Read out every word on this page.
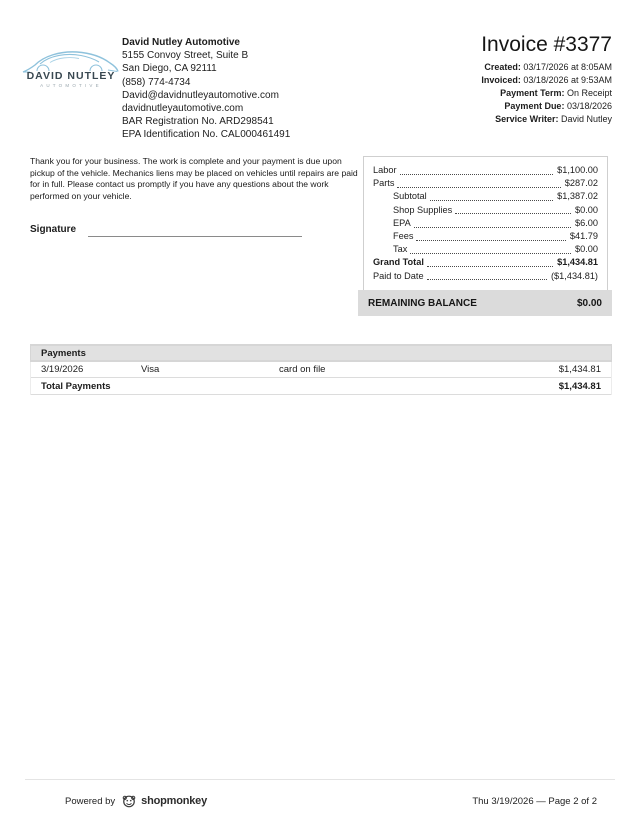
DAVID NUTLEY
AUTOMOTIVE
David Nutley Automotive
5155 Convoy Street, Suite B
San Diego, CA 92111
(858) 774-4734
David@davidnutleyautomotive.com
davidnutleyautomotive.com
BAR Registration No. ARD298541
EPA Identification No. CAL000461491
Invoice #3377
Created: 03/17/2026 at 8:05AM
Invoiced: 03/18/2026 at 9:53AM
Payment Term: On Receipt
Payment Due: 03/18/2026
Service Writer: David Nutley
Thank you for your business. The work is complete and your payment is due upon pickup of the vehicle. Mechanics liens may be placed on vehicles until repairs are paid for in full. Please contact us promptly if you have any questions about the work performed on your vehicle.
Signature
Labor	$1,100.00
Parts	$287.02
Subtotal	$1,387.02
Shop Supplies	$0.00
EPA	$6.00
Fees	$41.79
Tax	$0.00
Grand Total	$1,434.81
Paid to Date	($1,434.81)
REMAINING BALANCE	$0.00
Payments
3/19/2026	Visa	card on file	$1,434.81
Total Payments	$1,434.81
Powered by shopmonkey	Thu 3/19/2026 — Page 2 of 2
